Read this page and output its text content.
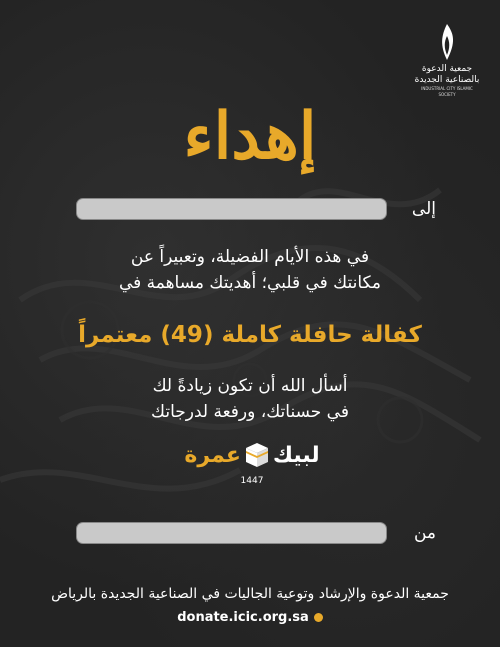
جمعية الدعوة بالصناعية الجديدة
INDUSTRIAL CITY ISLAMIC SOCIETY
إهداء
إلى
في هذه الأيام الفضيلة، وتعبيراً عن
مكانتك في قلبي؛ أهديتك مساهمة في
كفالة حافلة كاملة (49) معتمراً
أسأل الله أن تكون زيادةً لك
في حسناتك، ورفعة لدرجاتك
لبيك
عمرة
1447
من
جمعية الدعوة والإرشاد وتوعية الجاليات في الصناعية الجديدة بالرياض
donate.icic.org.sa
